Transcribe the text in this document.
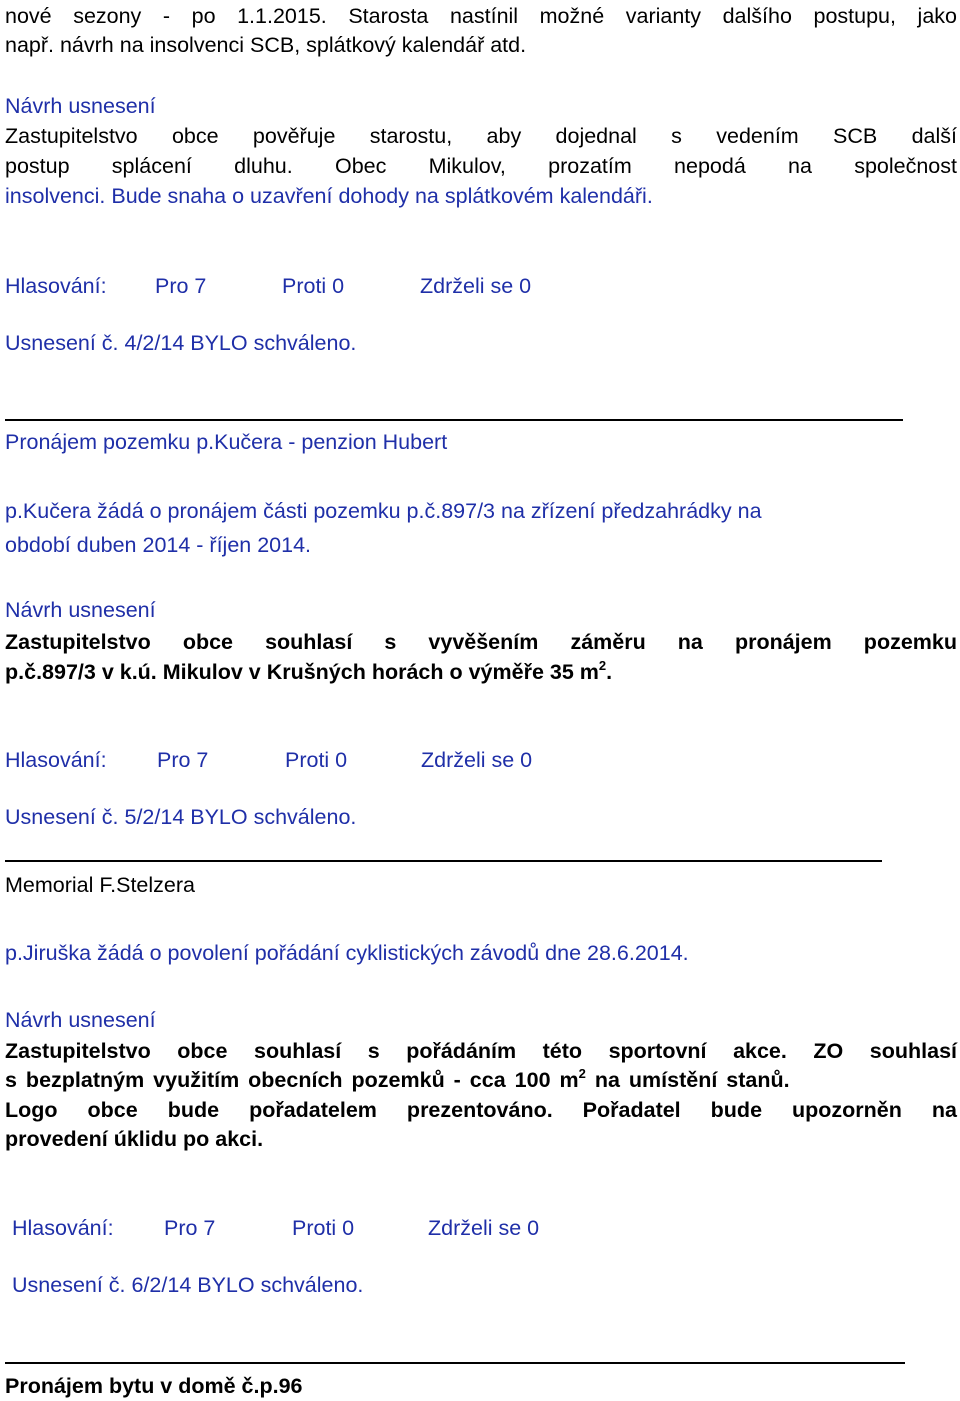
nové sezony - po 1.1.2015. Starosta nastínil možné varianty dalšího postupu, jako
např. návrh na insolvenci SCB, splátkový kalendář atd.
Návrh usnesení
Zastupitelstvo obce pověřuje starostu, aby dojednal s vedením SCB další
postup splácení dluhu. Obec Mikulov, prozatím nepodá na společnost
insolvenci. Bude snaha o uzavření dohody na splátkovém kalendáři.
Hlasování: Pro 7	Proti 0	Zdrželi se 0
Usnesení č. 4/2/14 BYLO schváleno.
Pronájem pozemku p.Kučera - penzion Hubert
p.Kučera žádá o pronájem části pozemku p.č.897/3 na zřízení předzahrádky na
období duben 2014 - říjen 2014.
Návrh usnesení
Zastupitelstvo obce souhlasí s vyvěšením záměru na pronájem pozemku
p.č.897/3 v k.ú. Mikulov v Krušných horách o výměře 35 $m^2$.
Hlasování: Pro 7	Proti 0	Zdrželi se 0
Usnesení č. 5/2/14 BYLO schváleno.
Memorial F.Stelzera
p.Jiruška žádá o povolení pořádání cyklistických závodů dne 28.6.2014.
Návrh usnesení
Zastupitelstvo obce souhlasí s pořádáním této sportovní akce. ZO souhlasí
s bezplatným využitím obecních pozemků - cca 100 $m^2$ na umístění stanů.
Logo obce bude pořadatelem prezentováno. Pořadatel bude upozorněn na
provedení úklidu po akci.
Hlasování: Pro 7	Proti 0	Zdrželi se 0
Usnesení č. 6/2/14 BYLO schváleno.
Pronájem bytu v domě č.p.96
